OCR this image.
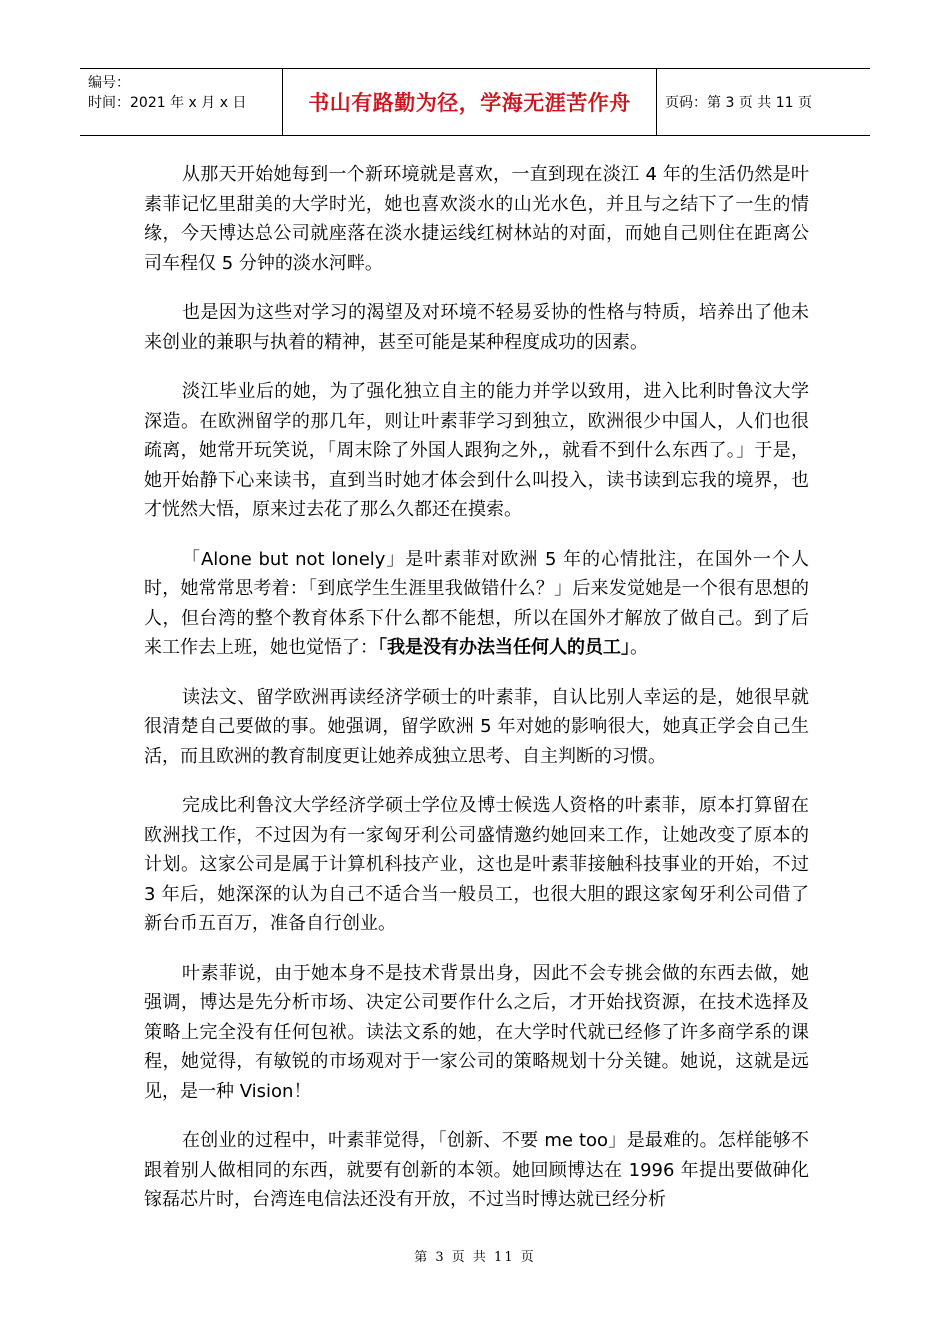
编号：
时间：2021 年 x 月 x 日	书山有路勤为径，学海无涯苦作舟	页码：第 3 页 共 11 页

从那天开始她每到一个新环境就是喜欢，一直到现在淡江 4 年的生活仍然是叶素菲记忆里甜美的大学时光，她也喜欢淡水的山光水色，并且与之结下了一生的情缘，今天博达总公司就座落在淡水捷运线红树林站的对面，而她自己则住在距离公司车程仅 5 分钟的淡水河畔。

也是因为这些对学习的渴望及对环境不轻易妥协的性格与特质，培养出了他未来创业的兼职与执着的精神，甚至可能是某种程度成功的因素。

淡江毕业后的她，为了强化独立自主的能力并学以致用，进入比利时鲁汶大学深造。在欧洲留学的那几年，则让叶素菲学习到独立，欧洲很少中国人，人们也很疏离，她常开玩笑说，「周末除了外国人跟狗之外,，就看不到什么东西了。」于是，她开始静下心来读书，直到当时她才体会到什么叫投入，读书读到忘我的境界，也才恍然大悟，原来过去花了那么久都还在摸索。

「Alone but not lonely」是叶素菲对欧洲 5 年的心情批注，在国外一个人时，她常常思考着：「到底学生生涯里我做错什么？」后来发觉她是一个很有思想的人，但台湾的整个教育体系下什么都不能想，所以在国外才解放了做自己。到了后来工作去上班，她也觉悟了：「我是没有办法当任何人的员工」。

读法文、留学欧洲再读经济学硕士的叶素菲，自认比别人幸运的是，她很早就很清楚自己要做的事。她强调，留学欧洲 5 年对她的影响很大，她真正学会自己生活，而且欧洲的教育制度更让她养成独立思考、自主判断的习惯。

完成比利鲁汶大学经济学硕士学位及博士候选人资格的叶素菲，原本打算留在欧洲找工作，不过因为有一家匈牙利公司盛情邀约她回来工作，让她改变了原本的计划。这家公司是属于计算机科技产业，这也是叶素菲接触科技事业的开始，不过 3 年后，她深深的认为自己不适合当一般员工，也很大胆的跟这家匈牙利公司借了新台币五百万，准备自行创业。

叶素菲说，由于她本身不是技术背景出身，因此不会专挑会做的东西去做，她强调，博达是先分析市场、决定公司要作什么之后，才开始找资源，在技术选择及策略上完全没有任何包袱。读法文系的她，在大学时代就已经修了许多商学系的课程，她觉得，有敏锐的市场观对于一家公司的策略规划十分关键。她说，这就是远见，是一种 Vision！

在创业的过程中，叶素菲觉得，「创新、不要 me too」是最难的。怎样能够不跟着别人做相同的东西，就要有创新的本领。她回顾博达在 1996 年提出要做砷化镓磊芯片时，台湾连电信法还没有开放，不过当时博达就已经分析

第 3 页 共 11 页
